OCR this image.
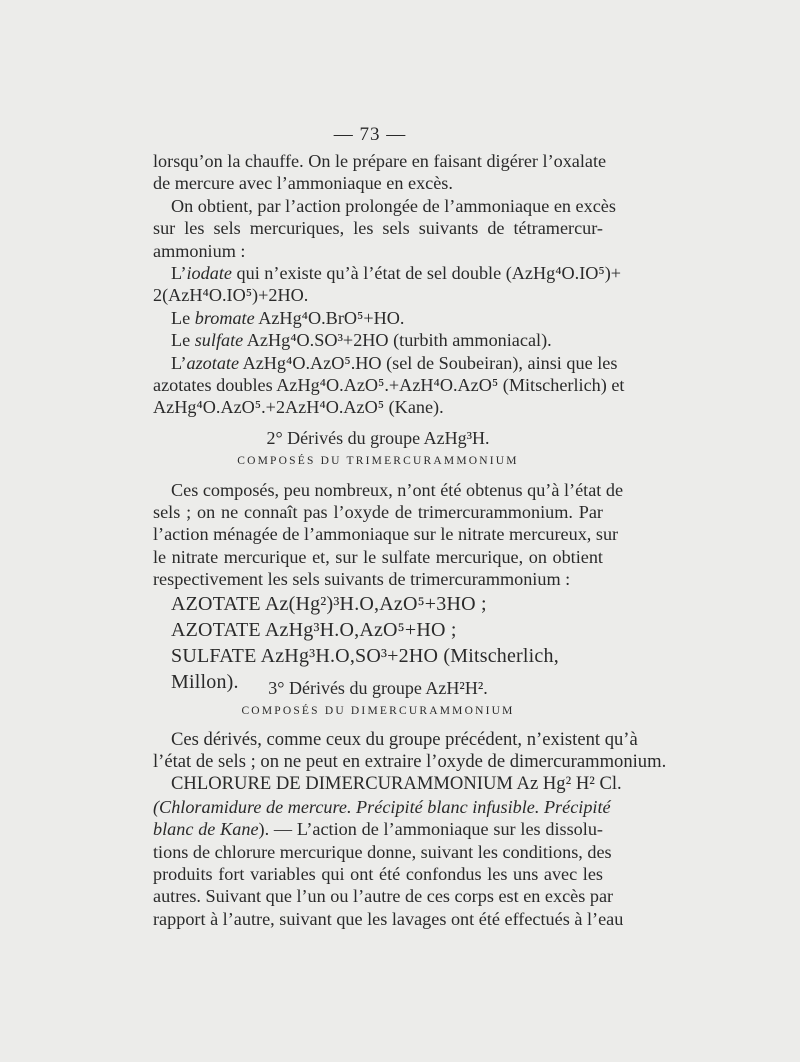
— 73 —
lorsqu’on la chauffe. On le prépare en faisant digérer l’oxalate
de mercure avec l’ammoniaque en excès.
On obtient, par l’action prolongée de l’ammoniaque en excès
sur les sels mercuriques, les sels suivants de tétramercur-
ammonium :
L’iodate qui n’existe qu’à l’état de sel double (AzHg⁴O.IO⁵)+
2(AzH⁴O.IO⁵)+2HO.
Le bromate AzHg⁴O.BrO⁵+HO.
Le sulfate AzHg⁴O.SO³+2HO (turbith ammoniacal).
L’azotate AzHg⁴O.AzO⁵.HO (sel de Soubeiran), ainsi que les
azotates doubles AzHg⁴O.AzO⁵.+AzH⁴O.AzO⁵ (Mitscherlich) et
AzHg⁴O.AzO⁵.+2AzH⁴O.AzO⁵ (Kane).
2° Dérivés du groupe AzHg³H.
COMPOSÉS DU TRIMERCURAMMONIUM
Ces composés, peu nombreux, n’ont été obtenus qu’à l’état de
sels ; on ne connaît pas l’oxyde de trimercurammonium. Par
l’action ménagée de l’ammoniaque sur le nitrate mercureux, sur
le nitrate mercurique et, sur le sulfate mercurique, on obtient
respectivement les sels suivants de trimercurammonium :
AZOTATE Az(Hg²)³H.O,AzO⁵+3HO ;
AZOTATE AzHg³H.O,AzO⁵+HO ;
SULFATE AzHg³H.O,SO³+2HO (Mitscherlich, Millon).	3° Dérivés du groupe AzH²H².
COMPOSÉS DU DIMERCURAMMONIUM
Ces dérivés, comme ceux du groupe précédent, n’existent qu’à
l’état de sels ; on ne peut en extraire l’oxyde de dimercurammonium.
CHLORURE DE DIMERCURAMMONIUM Az Hg² H² Cl.
(Chloramidure de mercure. Précipité blanc infusible. Précipité
blanc de Kane). — L’action de l’ammoniaque sur les dissolu-
tions de chlorure mercurique donne, suivant les conditions, des
produits fort variables qui ont été confondus les uns avec les
autres. Suivant que l’un ou l’autre de ces corps est en excès par
rapport à l’autre, suivant que les lavages ont été effectués à l’eau
